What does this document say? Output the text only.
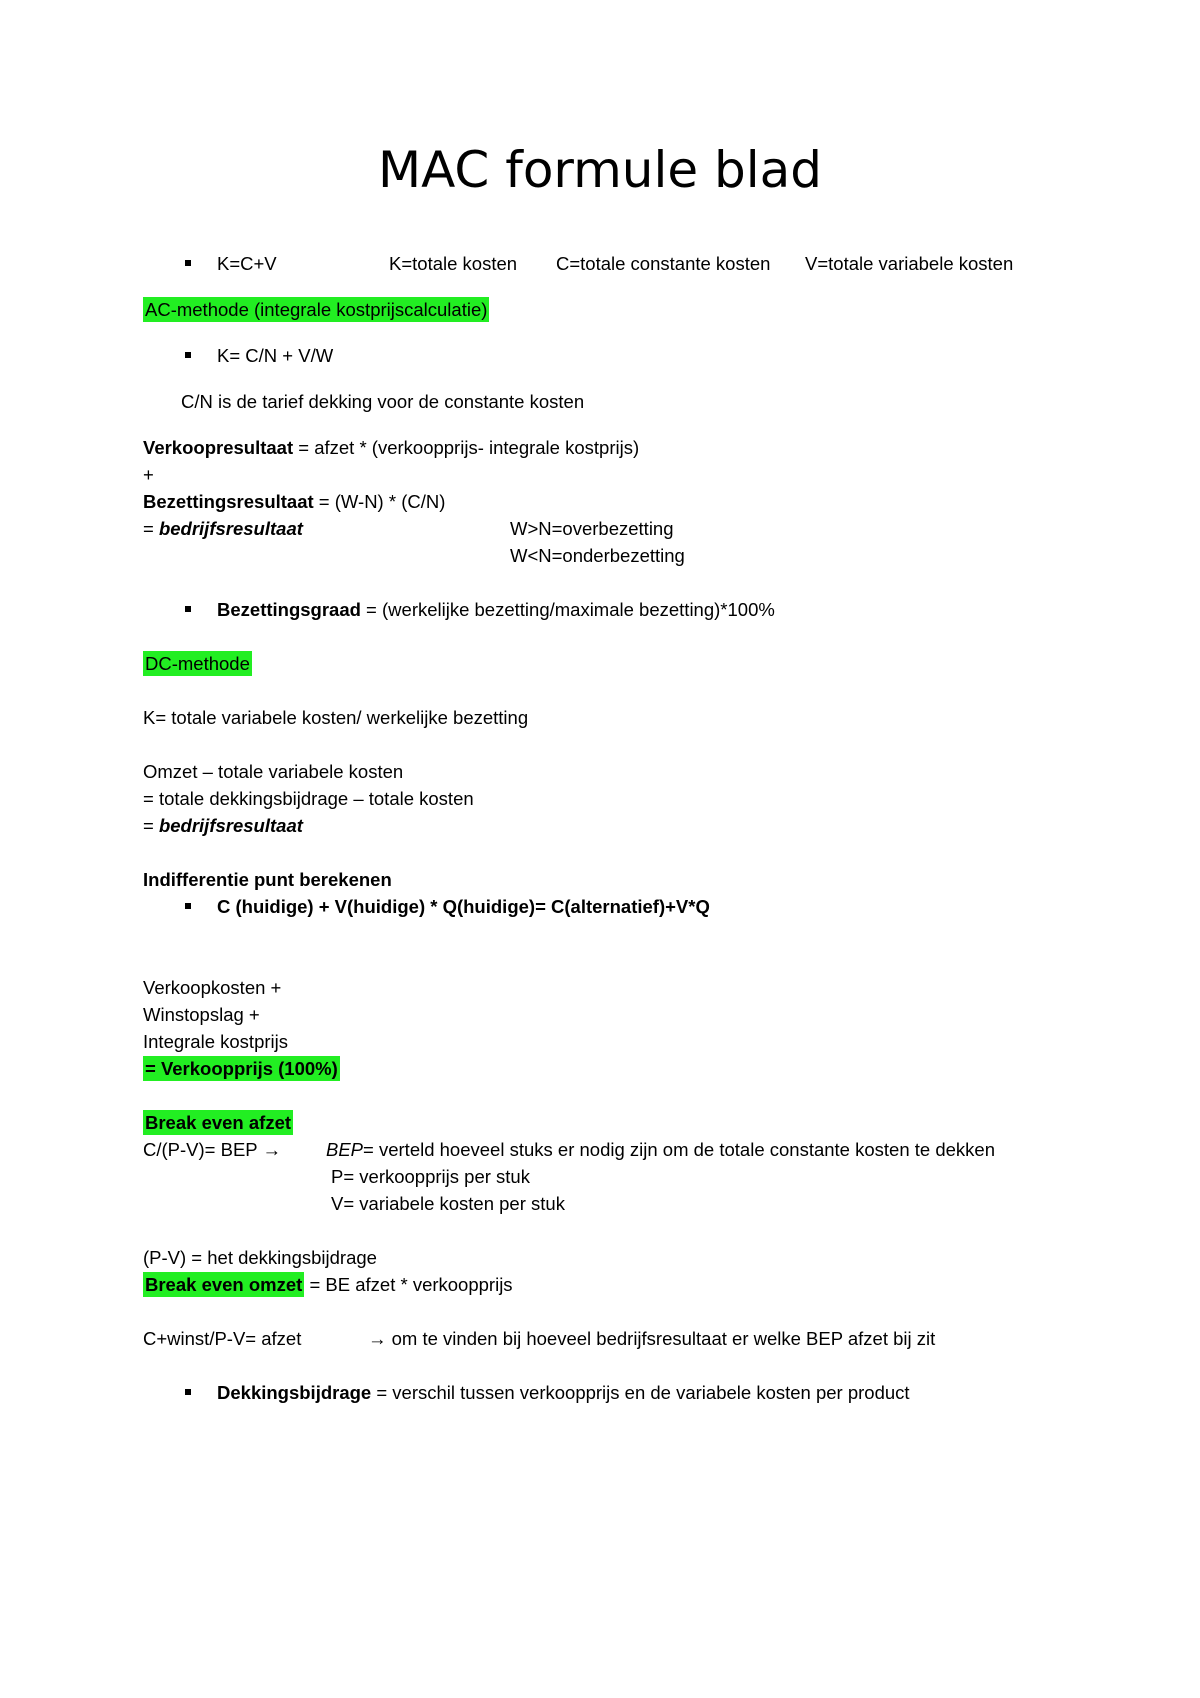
MAC formule blad
K=C+V	K=totale kosten C=totale constante kosten V=totale variabele kosten
AC-methode (integrale kostprijscalculatie)
K= C/N + V/W
C/N is de tarief dekking voor de constante kosten
Verkoopresultaat = afzet * (verkoopprijs- integrale kostprijs)
+
Bezettingsresultaat = (W-N) * (C/N)
= bedrijfsresultaat	W>N=overbezetting
W<N=onderbezetting
Bezettingsgraad = (werkelijke bezetting/maximale bezetting)*100%
DC-methode
K= totale variabele kosten/ werkelijke bezetting
Omzet – totale variabele kosten
= totale dekkingsbijdrage – totale kosten
= bedrijfsresultaat
Indifferentie punt berekenen
C (huidige) + V(huidige) * Q(huidige)= C(alternatief)+V*Q
Verkoopkosten +
Winstopslag +
Integrale kostprijs
= Verkoopprijs (100%)
Break even afzet
C/(P-V)= BEP → BEP= verteld hoeveel stuks er nodig zijn om de totale constante kosten te dekken
P= verkoopprijs per stuk
V= variabele kosten per stuk
(P-V) = het dekkingsbijdrage
Break even omzet = BE afzet * verkoopprijs
C+winst/P-V= afzet	→ om te vinden bij hoeveel bedrijfsresultaat er welke BEP afzet bij zit
Dekkingsbijdrage = verschil tussen verkoopprijs en de variabele kosten per product
